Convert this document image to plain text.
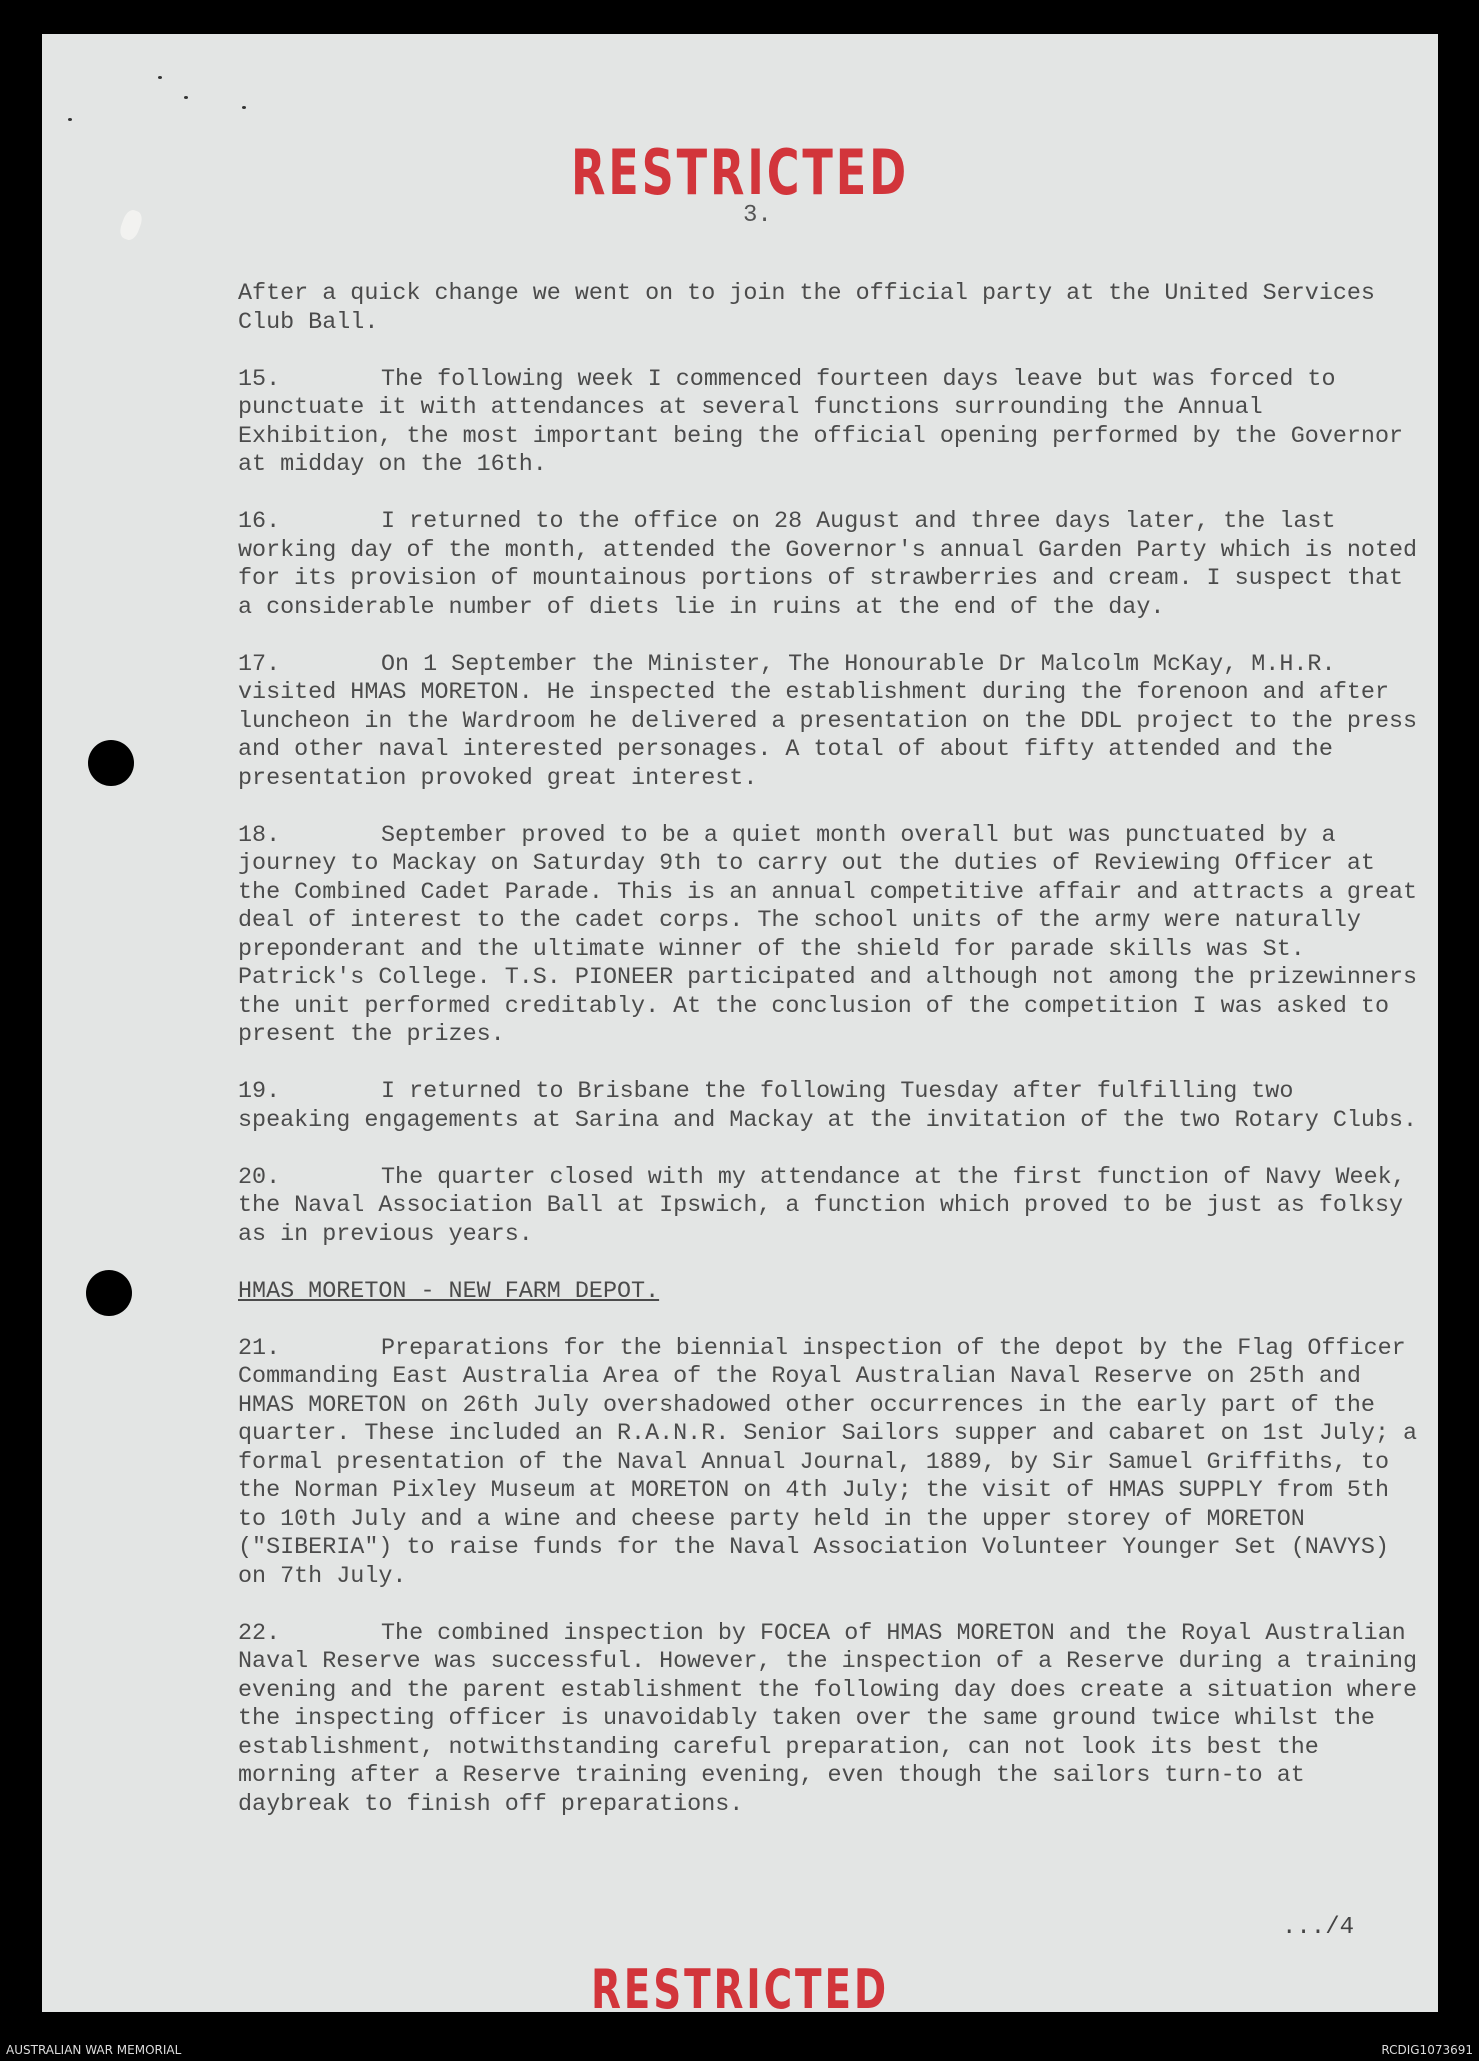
RESTRICTED
3.
RESTRICTED
.../4

After a quick change we went on to join the official party at the United Services Club Ball.

15.	The following week I commenced fourteen days leave but was forced to punctuate it with attendances at several functions surrounding the Annual Exhibition, the most important being the official opening performed by the Governor at midday on the 16th.

16.	I returned to the office on 28 August and three days later, the last working day of the month, attended the Governor's annual Garden Party which is noted for its provision of mountainous portions of strawberries and cream. I suspect that a considerable number of diets lie in ruins at the end of the day.

17.	On 1 September the Minister, The Honourable Dr Malcolm McKay, M.H.R. visited HMAS MORETON. He inspected the establishment during the forenoon and after luncheon in the Wardroom he delivered a presentation on the DDL project to the press and other naval interested personages. A total of about fifty attended and the presentation provoked great interest.

18.	September proved to be a quiet month overall but was punctuated by a journey to Mackay on Saturday 9th to carry out the duties of Reviewing Officer at the Combined Cadet Parade. This is an annual competitive affair and attracts a great deal of interest to the cadet corps. The school units of the army were naturally preponderant and the ultimate winner of the shield for parade skills was St. Patrick's College. T.S. PIONEER participated and although not among the prizewinners the unit performed creditably. At the conclusion of the competition I was asked to present the prizes.

19.	I returned to Brisbane the following Tuesday after fulfilling two speaking engagements at Sarina and Mackay at the invitation of the two Rotary Clubs.

20.	The quarter closed with my attendance at the first function of Navy Week, the Naval Association Ball at Ipswich, a function which proved to be just as folksy as in previous years.

HMAS MORETON - NEW FARM DEPOT.

21.	Preparations for the biennial inspection of the depot by the Flag Officer Commanding East Australia Area of the Royal Australian Naval Reserve on 25th and HMAS MORETON on 26th July overshadowed other occurrences in the early part of the quarter. These included an R.A.N.R. Senior Sailors supper and cabaret on 1st July; a formal presentation of the Naval Annual Journal, 1889, by Sir Samuel Griffiths, to the Norman Pixley Museum at MORETON on 4th July; the visit of HMAS SUPPLY from 5th to 10th July and a wine and cheese party held in the upper storey of MORETON ("SIBERIA") to raise funds for the Naval Association Volunteer Younger Set (NAVYS) on 7th July.

22.	The combined inspection by FOCEA of HMAS MORETON and the Royal Australian Naval Reserve was successful. However, the inspection of a Reserve during a training evening and the parent establishment the following day does create a situation where the inspecting officer is unavoidably taken over the same ground twice whilst the establishment, notwithstanding careful preparation, can not look its best the morning after a Reserve training evening, even though the sailors turn-to at daybreak to finish off preparations.

AUSTRALIAN WAR MEMORIAL	RCDIG1073691
